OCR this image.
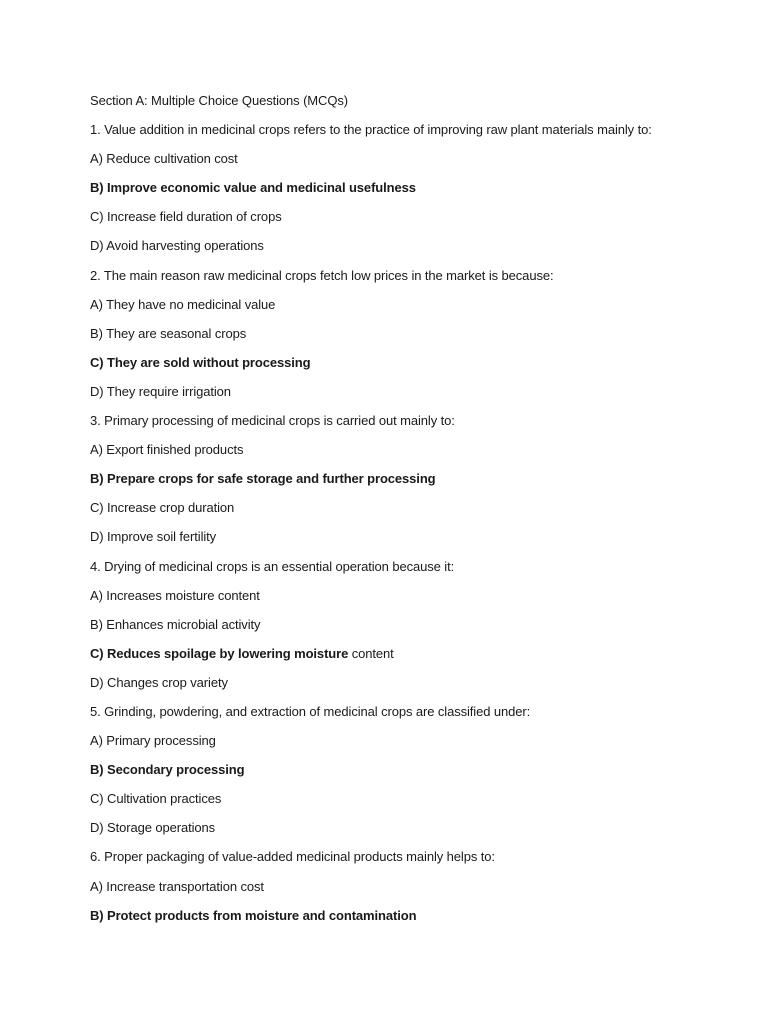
Section A: Multiple Choice Questions (MCQs)
1. Value addition in medicinal crops refers to the practice of improving raw plant materials mainly to:
A) Reduce cultivation cost
B) Improve economic value and medicinal usefulness
C) Increase field duration of crops
D) Avoid harvesting operations
2. The main reason raw medicinal crops fetch low prices in the market is because:
A) They have no medicinal value
B) They are seasonal crops
C) They are sold without processing
D) They require irrigation
3. Primary processing of medicinal crops is carried out mainly to:
A) Export finished products
B) Prepare crops for safe storage and further processing
C) Increase crop duration
D) Improve soil fertility
4. Drying of medicinal crops is an essential operation because it:
A) Increases moisture content
B) Enhances microbial activity
C) Reduces spoilage by lowering moisture content
D) Changes crop variety
5. Grinding, powdering, and extraction of medicinal crops are classified under:
A) Primary processing
B) Secondary processing
C) Cultivation practices
D) Storage operations
6. Proper packaging of value-added medicinal products mainly helps to:
A) Increase transportation cost
B) Protect products from moisture and contamination
